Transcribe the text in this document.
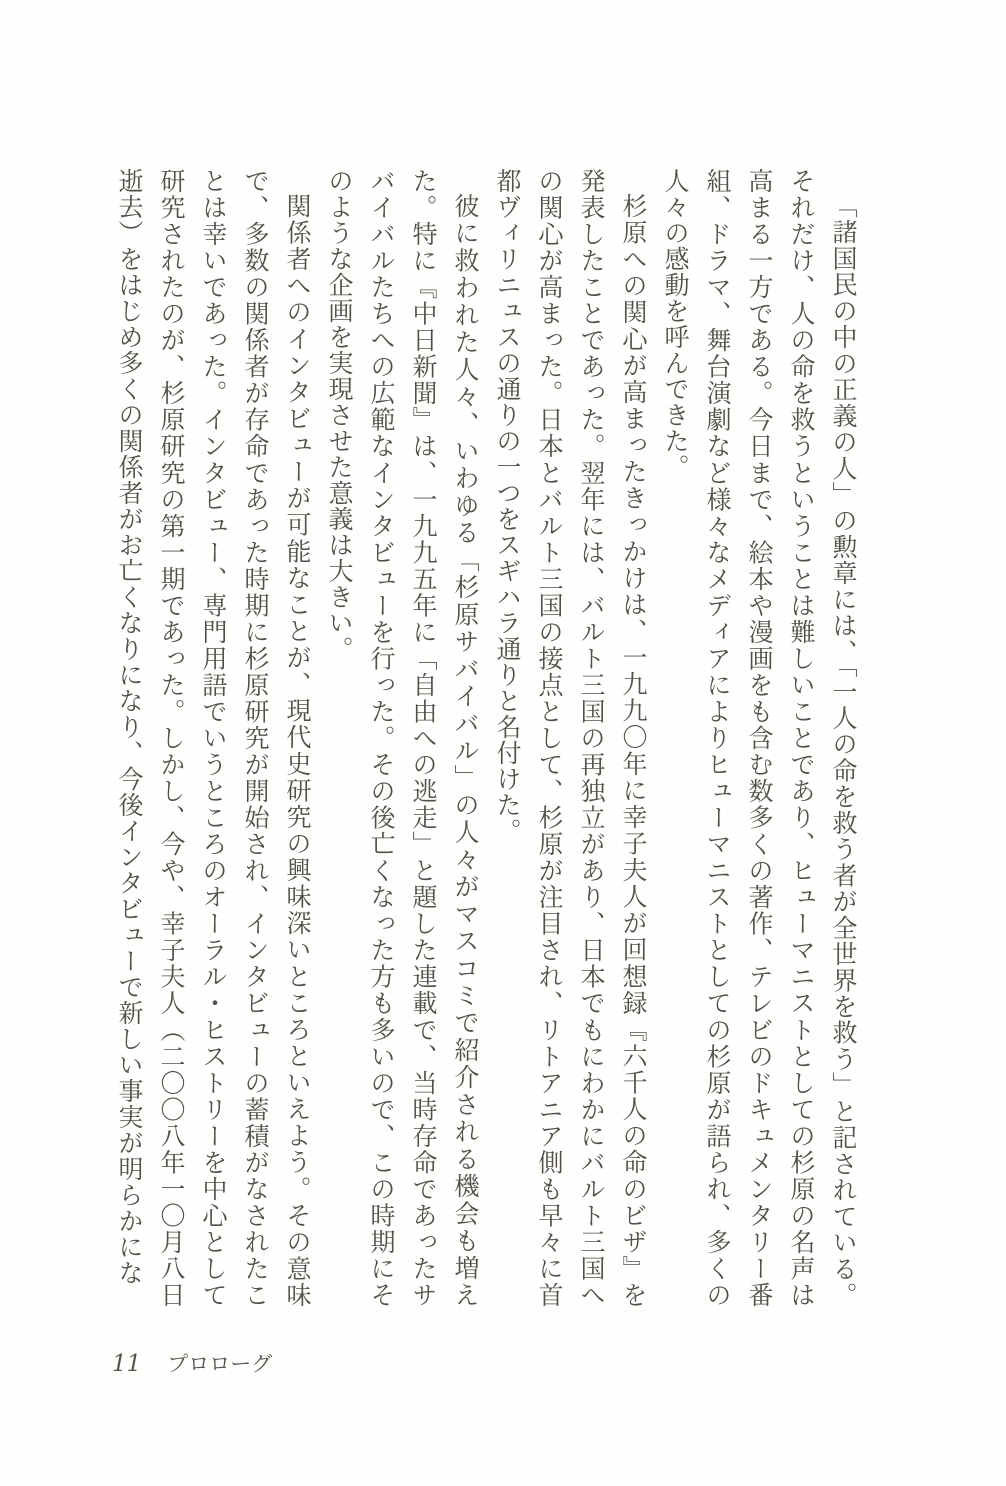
「諸国民の中の正義の人」の勲章には、「一人の命を救う者が全世界を救う」と記されている。それだけ、人の命を救うということは難しいことであり、ヒューマニストとしての杉原の名声は高まる一方である。今日まで、絵本や漫画をも含む数多くの著作、テレビのドキュメンタリー番組、ドラマ、舞台演劇など様々なメディアによりヒューマニストとしての杉原が語られ、多くの人々の感動を呼んできた。

杉原への関心が高まったきっかけは、一九九〇年に幸子夫人が回想録『六千人の命のビザ』を発表したことであった。翌年には、バルト三国の再独立があり、日本でもにわかにバルト三国への関心が高まった。日本とバルト三国の接点として、杉原が注目され、リトアニア側も早々に首都ヴィリニュスの通りの一つをスギハラ通りと名付けた。

彼に救われた人々、いわゆる「杉原サバイバル」の人々がマスコミで紹介される機会も増えた。特に『中日新聞』は、一九九五年に「自由への逃走」と題した連載で、当時存命であったサバイバルたちへの広範なインタビューを行った。その後亡くなった方も多いので、この時期にそのような企画を実現させた意義は大きい。

関係者へのインタビューが可能なことが、現代史研究の興味深いところといえよう。その意味で、多数の関係者が存命であった時期に杉原研究が開始され、インタビューの蓄積がなされたことは幸いであった。インタビュー、専門用語でいうところのオーラル・ヒストリーを中心として研究されたのが、杉原研究の第一期であった。しかし、今や、幸子夫人（二〇〇八年一〇月八日逝去）をはじめ多くの関係者がお亡くなりになり、今後インタビューで新しい事実が明らかにな

11 プロローグ
